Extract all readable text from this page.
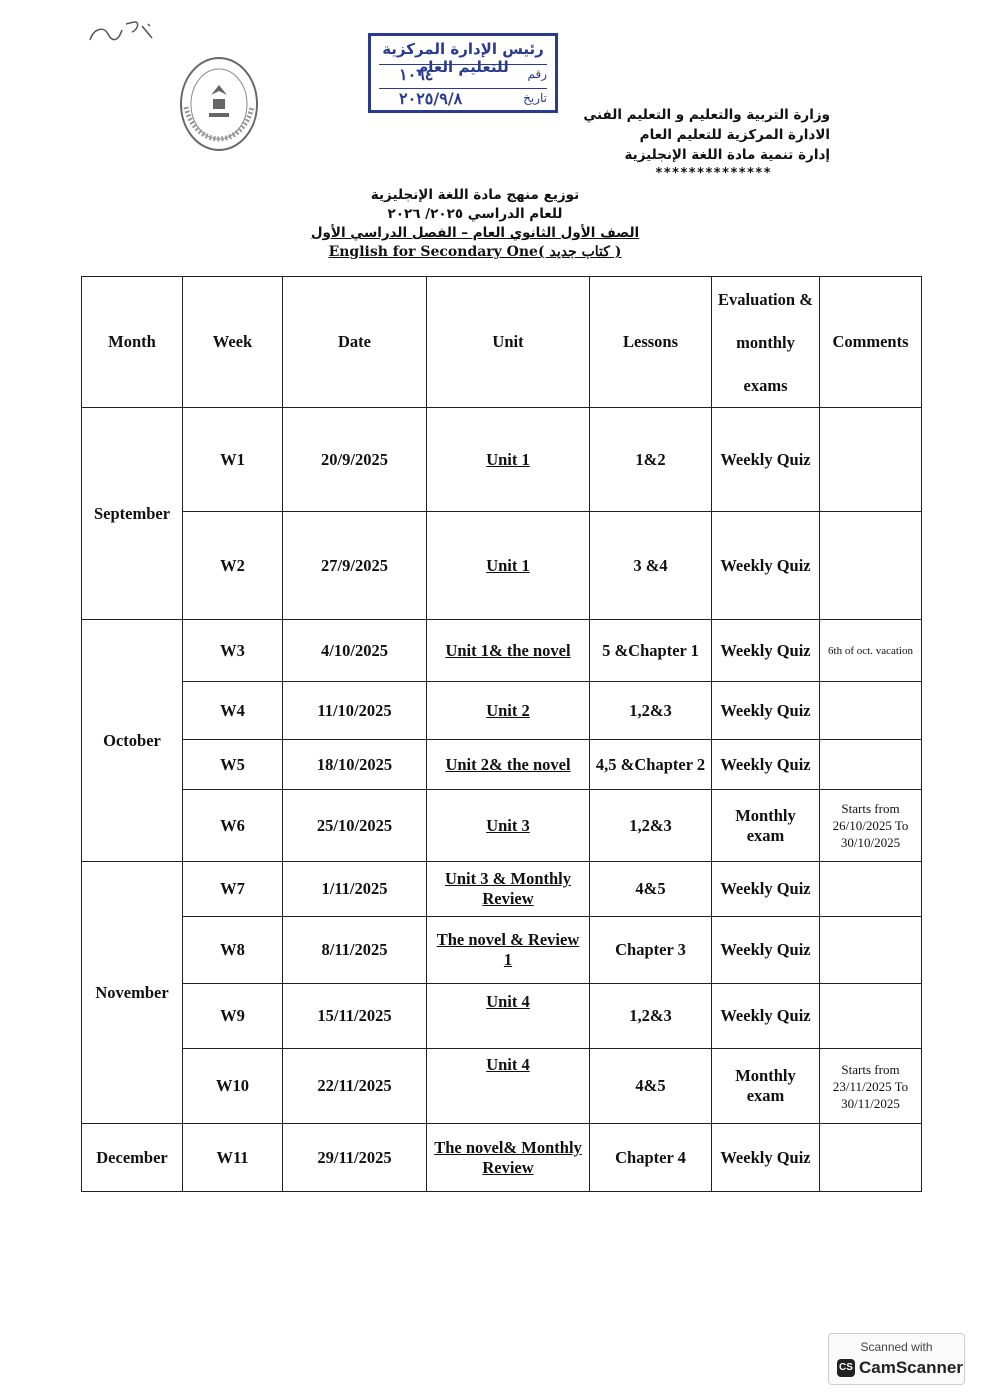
رئيس الإدارة المركزية للتعليم العام	رقم
١٠٦٤
تاريخ
٢٠٢٥/٩/٨
وزارة التربية والتعليم و التعليم الفني
الادارة المركزية للتعليم العام
إدارة تنمية مادة اللغة الإنجليزية
**************
توزيع منهج مادة اللغة الإنجليزية
للعام الدراسي ٢٠٢٥/ ٢٠٢٦
الصف الأول الثانوي العام – الفصل الدراسي الأول
English for Secondary One( كتاب جديد )
Month	Week	Date	Unit	Lessons	Evaluation & monthly exams	Comments
September	W1	20/9/2025	Unit 1	1&2	Weekly Quiz	
	W2	27/9/2025	Unit 1	3 &4	Weekly Quiz	
October	W3	4/10/2025	Unit 1& the novel	5 &Chapter 1	Weekly Quiz	6th of oct. vacation
	W4	11/10/2025	Unit 2	1,2&3	Weekly Quiz	
	W5	18/10/2025	Unit 2& the novel	4,5 &Chapter 2	Weekly Quiz	
	W6	25/10/2025	Unit 3	1,2&3	Monthly exam	Starts from 26/10/2025 To 30/10/2025
November	W7	1/11/2025	Unit 3 & Monthly Review	4&5	Weekly Quiz	
	W8	8/11/2025	The novel & Review 1	Chapter 3	Weekly Quiz	
	W9	15/11/2025	Unit 4	1,2&3	Weekly Quiz	
	W10	22/11/2025	Unit 4	4&5	Monthly exam	Starts from 23/11/2025 To 30/11/2025
December	W11	29/11/2025	The novel& Monthly Review	Chapter 4	Weekly Quiz	
Scanned with
CS CamScanner
